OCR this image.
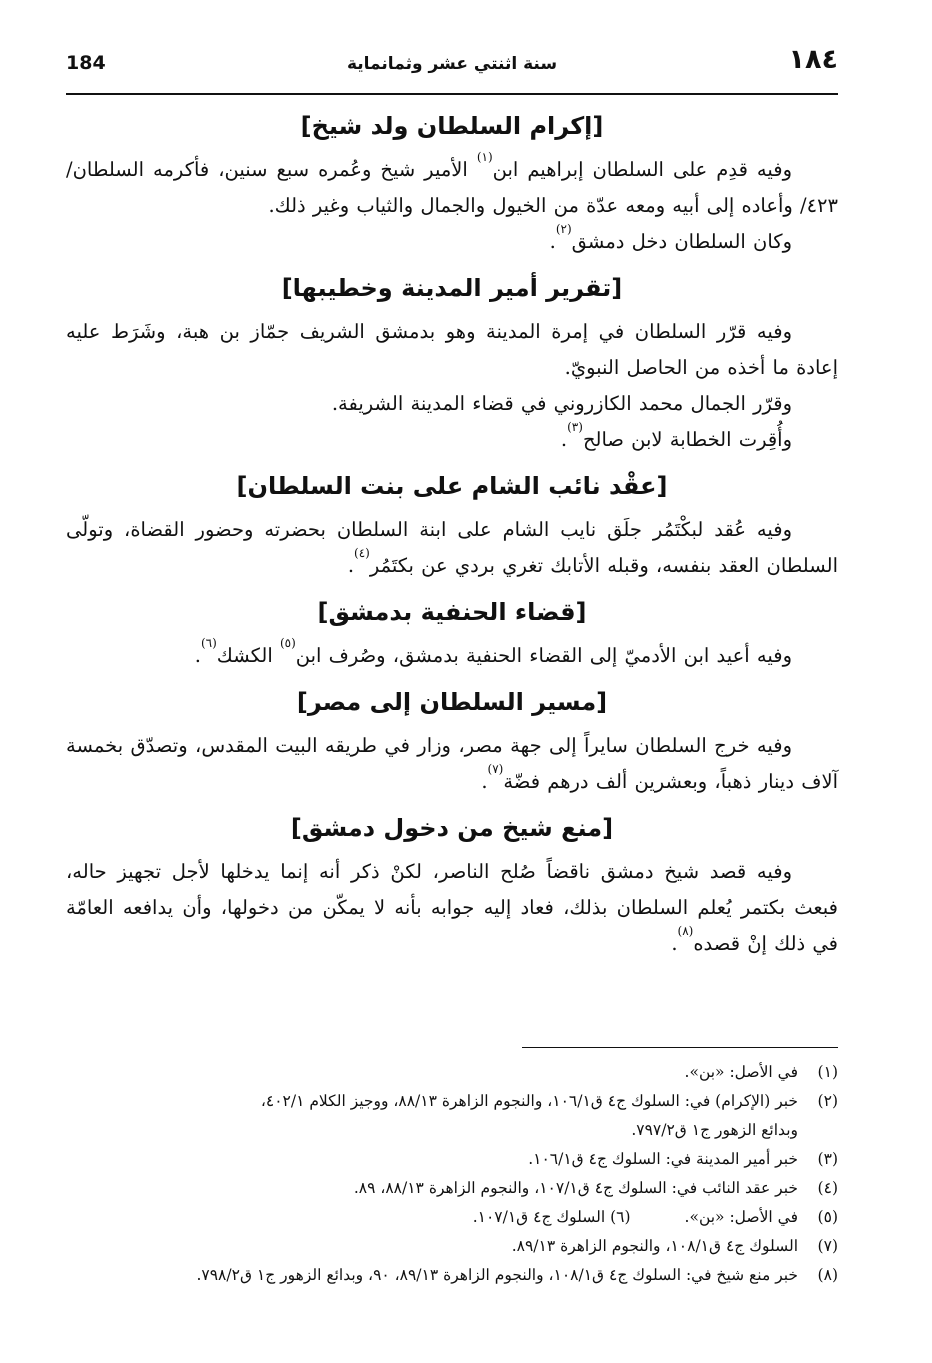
184	سنة اثنتي عشر وثمانماية	١٨٤
[إكرام السلطان ولد شيخ]

وفيه قدِم على السلطان إبراهيم ابن$^{(١)}$ الأمير شيخ وعُمره سبع سنين، فأكرمه السلطان/ ٤٢٣/ وأعاده إلى أبيه ومعه عدّة من الخيول والجمال والثياب وغير ذلك.

وكان السلطان دخل دمشق$^{(٢)}$.

[تقرير أمير المدينة وخطيبها]

وفيه قرّر السلطان في إمرة المدينة وهو بدمشق الشريف جمّاز بن هبة، وشَرَط عليه إعادة ما أخذه من الحاصل النبويّ.

وقرّر الجمال محمد الكازروني في قضاء المدينة الشريفة.

وأُقِرت الخطابة لابن صالح$^{(٣)}$.

[عقْد نائب الشام على بنت السلطان]

وفيه عُقد لبكْتَمُر جلَق نايب الشام على ابنة السلطان بحضرته وحضور القضاة، وتولّى السلطان العقد بنفسه، وقبله الأتابك تغري بردي عن بكتَمُر$^{(٤)}$.

[قضاء الحنفية بدمشق]

وفيه أعيد ابن الأدميّ إلى القضاء الحنفية بدمشق، وصُرف ابن$^{(٥)}$ الكشك$^{(٦)}$.

[مسير السلطان إلى مصر]

وفيه خرج السلطان سايراً إلى جهة مصر، وزار في طريقه البيت المقدس، وتصدّق بخمسة آلاف دينار ذهباً، وبعشرين ألف درهم فضّة$^{(٧)}$.

[منع شيخ من دخول دمشق]

وفيه قصد شيخ دمشق ناقضاً صُلح الناصر، لكنْ ذكر أنه إنما يدخلها لأجل تجهيز حاله، فبعث بكتمر يُعلم السلطان بذلك، فعاد إليه جوابه بأنه لا يمكّن من دخولها، وأن يدافعه العامّة في ذلك إنْ قصده$^{(٨)}$.

(١)في الأصل: «بن».
(٢)خبر (الإكرام) في: السلوك ج٤ ق١٠٦/١، والنجوم الزاهرة ٨٨/١٣، ووجيز الكلام ٤٠٢/١،
وبدائع الزهور ج١ ق٧٩٧/٢.
(٣)خبر أمير المدينة في: السلوك ج٤ ق١٠٦/١.
(٤)خبر عقد النائب في: السلوك ج٤ ق١٠٧/١، والنجوم الزاهرة ٨٨/١٣، ٨٩.
(٥)في الأصل: «بن».(٦) السلوك ج٤ ق١٠٧/١.
(٧)السلوك ج٤ ق١٠٨/١، والنجوم الزاهرة ٨٩/١٣.
(٨)خبر منع شيخ في: السلوك ج٤ ق١٠٨/١، والنجوم الزاهرة ٨٩/١٣، ٩٠، وبدائع الزهور ج١ ق٧٩٨/٢.
